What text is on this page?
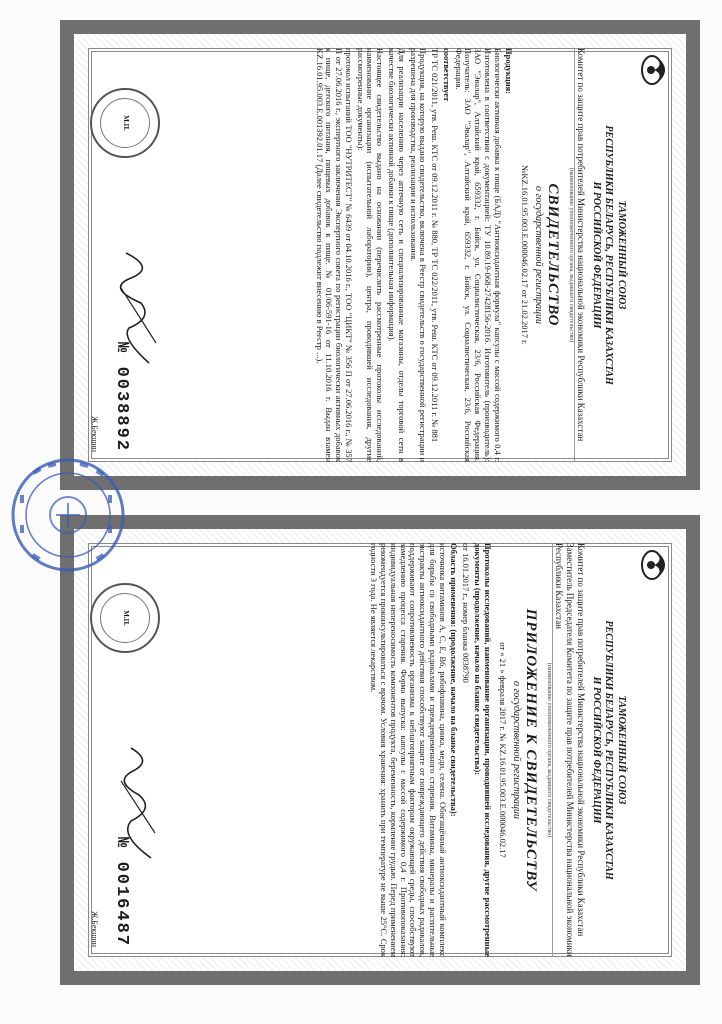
ТАМОЖЕННЫЙ СОЮЗ
РЕСПУБЛИКИ БЕЛАРУСЬ, РЕСПУБЛИКИ КАЗАХСТАН
И РОССИЙСКОЙ ФЕДЕРАЦИИ
Комитет по защите прав потребителей Министерства национальной экономики Республики Казахстан
(наименование уполномоченного органа, выдавшего свидетельство)
СВИДЕТЕЛЬСТВО
о государственной регистрации
№KZ.16.01.95.003.Е.000046.02.17 от 21.02.2017 г.
Продукция:
Биологически активная добавка к пище (БАД) "Антиоксидантная формула" капсулы с массой содержимого 0,4 г. Изготовлена в соответствии с документацией: ТУ 10.89.19-068-27428156-2016. Изготовитель (производитель): ЗАО "Эвалар", Алтайский край, 659332, г. Бийск, ул. Социалистическая, 23/6, Российская Федерация. Получатель: ЗАО "Эвалар", Алтайский край, 659332, г. Бийск, ул. Социалистическая, 23/6, Российская Федерация.
соответствует
ТР ТС 021/2011, утв. Реш. КТС от 09.12.2011 г. № 880, ТР ТС 022/2011, утв. Реш. КТС от 09.12.2011 г. № 881
Продукция, на которую выдано свидетельство, включена в Реестр свидетельств о государственной регистрации и разрешена для производства, реализации и использования.
Для реализации населению через аптечную сеть и специализированные магазины, отделы торговой сети в качестве биологически активной добавки к пище (дополнительная информация).
Настоящее свидетельство выдано на основании (перечислить рассмотренные протоколы исследований, наименование организации (испытательной лаборатории), центра, проводившей исследования, другие рассмотренные документы):
протокол испытаний ТОО "НУТРИТЕСТ" № 6439 от 04.10.2016 г., ТОО "ЦИКТ" № 356 П от 27.06.2016 г., № 357 П от 27.06.2016 г., экспертного заключения Экспертного совета по регистрации биологически активных добавок к пище, детского питания, пищевых добавок к пище. № 01/06-591-16 от 11.10.2016 г. Выдан взамен KZ.16.01.95.003.Е.001392.01.17 (Далее свидетельство подлежит внесению в Реестр ...).
М.П.
№ 0038892
Ж.Бекшин
ТАМОЖЕННЫЙ СОЮЗ
РЕСПУБЛИКИ БЕЛАРУСЬ, РЕСПУБЛИКИ КАЗАХСТАН
И РОССИЙСКОЙ ФЕДЕРАЦИИ
Комитет по защите прав потребителей Министерства национальной экономики Республики Казахстан
Заместитель Председателя Комитета по защите прав потребителей Министерства национальной экономики Республики Казахстан
(наименование уполномоченного органа, выдавшего свидетельство)
ПРИЛОЖЕНИЕ К СВИДЕТЕЛЬСТВУ
о государственной регистрации
от « 21 » февраля 2017 г. № KZ.16.01.95.003.Е.000046.02.17
Протоколы исследований, наименование организации, проводившей исследования, другие рассмотренные документы (продолжение, начало на бланке свидетельства):
от 16.01.2017 г., номер бланка 0038790
Область применения: (продолжение, начало на бланке свидетельства):
источника витаминов А, С, Е, В6, рибофлавина, цинка, меди, селена. Обогащённый антиоксидантный комплекс для борьбы со свободными радикалами и преждевременного старения. Витамины, минералы и растительные экстракты антиоксидантного действия способствуют защите от повреждающего действия свободных радикалов, поддерживают сопротивляемость организма к неблагоприятным факторам окружающей среды, способствуют замедлению процесса старения. Форма выпуска: капсулы с массой содержимого 0,4 г. Противопоказания: индивидуальная непереносимость компонентов продукта, беременность, кормление грудью. Перед применением рекомендуется проконсультироваться с врачом. Условия хранения: хранить при температуре не выше 25°С. Срок годности 3 года. Не является лекарством.
М.П.
№ 0016487
Ж.Бекшин
